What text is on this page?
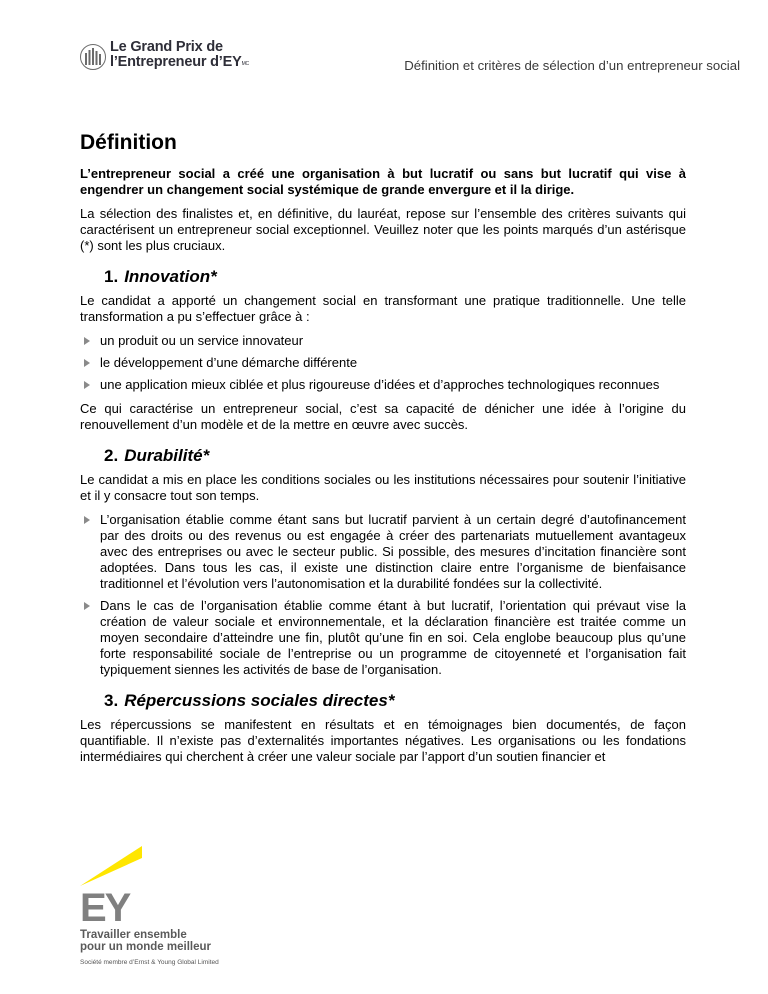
Le Grand Prix de
l’Entrepreneur $d’EY^{MC}$	Définition et critères de sélection d’un entrepreneur social
Définition

L’entrepreneur social a créé une organisation à but lucratif ou sans but lucratif qui vise à engendrer un changement social systémique de grande envergure et il la dirige.

La sélection des finalistes et, en définitive, du lauréat, repose sur l’ensemble des critères suivants qui caractérisent un entrepreneur social exceptionnel. Veuillez noter que les points marqués d’un astérisque (*) sont les plus cruciaux.

1. Innovation*

Le candidat a apporté un changement social en transformant une pratique traditionnelle. Une telle transformation a pu s’effectuer grâce à :

un produit ou un service innovateur
le développement d’une démarche différente
une application mieux ciblée et plus rigoureuse d’idées et d’approches technologiques reconnues

Ce qui caractérise un entrepreneur social, c’est sa capacité de dénicher une idée à l’origine du renouvellement d’un modèle et de la mettre en œuvre avec succès.

2. Durabilité*

Le candidat a mis en place les conditions sociales ou les institutions nécessaires pour soutenir l’initiative et il y consacre tout son temps.

L’organisation établie comme étant sans but lucratif parvient à un certain degré d’autofinancement par des droits ou des revenus ou est engagée à créer des partenariats mutuellement avantageux avec des entreprises ou avec le secteur public. Si possible, des mesures d’incitation financière sont adoptées. Dans tous les cas, il existe une distinction claire entre l’organisme de bienfaisance traditionnel et l’évolution vers l’autonomisation et la durabilité fondées sur la collectivité.
Dans le cas de l’organisation établie comme étant à but lucratif, l’orientation qui prévaut vise la création de valeur sociale et environnementale, et la déclaration financière est traitée comme un moyen secondaire d’atteindre une fin, plutôt qu’une fin en soi. Cela englobe beaucoup plus qu’une forte responsabilité sociale de l’entreprise ou un programme de citoyenneté et l’organisation fait typiquement siennes les activités de base de l’organisation.
3. Répercussions sociales directes*

Les répercussions se manifestent en résultats et en témoignages bien documentés, de façon quantifiable. Il n’existe pas d’externalités importantes négatives. Les organisations ou les fondations intermédiaires qui cherchent à créer une valeur sociale par l’apport d’un soutien financier et

EY
Travailler ensemble
pour un monde meilleur
Société membre d’Ernst & Young Global Limited
